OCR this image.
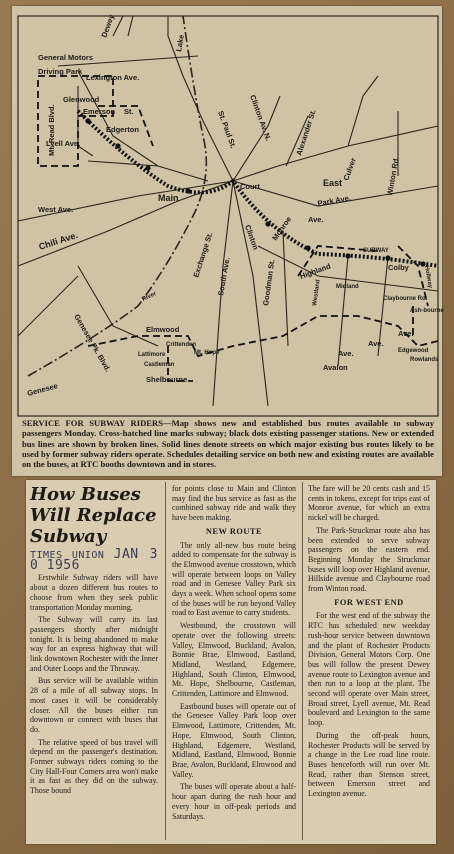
General Motors
Driving Park
Lexington Ave.
Dewey
Glenwood
Emerson St.
Mt. Read Blvd.	Edgerton
Lyell Ave.
Lake
St. Paul St. Clinton Av. N.	Alexander St.
West Ave.
Main
Court	East
Culver	Winton Rd.
Park Ave.
Ave.
Chili Ave.	Exchange St. South Ave.
Clinton Monroe
SUBWAY
Colby Hollway
Genesee Pk. Blvd.
River
Highland
Goodman St.	Westland Midland
Claybourne Rd.
Ash-bourne
Elmwood
Crittenden
Lattimore
Castleman
Mt. Hope
Shelbourne
Genesee
Avalon
Ave.
Rowlands
Ave.	Edgewood
Ave.
SERVICE FOR SUBWAY RIDERS—Map shows new and established bus routes available to subway passengers Monday. Cross-hatched line marks subway; black dots existing passenger stations. New or extended bus lines are shown by broken lines. Solid lines denote streets on which major existing bus routes likely to be used by former subway riders operate. Schedules detailing service on both new and existing routes are available on the buses, at RTC booths downtown and in stores.
How Buses
Will Replace
Subway
TIMES UNION JAN 3 0 1956

Erstwhile Subway riders will have about a dozen different bus routes to choose from when they seek public transportation Monday morning.

The Subway will carry its last passengers shortly after midnight tonight. It is being abandoned to make way for an express highway that will link downtown Rochester with the Inner and Outer Loops and the Thruway.

Bus service will be available within 28 of a mile of all subway stops. In most cases it will be considerably closer. All the buses either run downtown or connect with buses that do.

The relative speed of bus travel will depend on the passenger's destination. Former subways riders coming to the City Hall-Four Corners area won't make it as fast as they did on the subway. Those bound

for points close to Main and Clinton may find the bus service as fast as the combined subway ride and walk they have been making.

NEW ROUTE

The only all-new bus route being added to compensate for the subway is the Elmwood avenue crosstown, which will operate between loops on Valley road and in Genesee Valley Park six days a week. When school opens some of the buses will be run beyond Valley road to East avenue to carry students.

Westbound, the crosstown will operate over the following streets: Valley, Elmwood, Buckland, Avalon, Bonnie Brae, Elmwood, Eastland, Midland, Westland, Edgemere, Highland, South Clinton, Elmwood, Mt. Hope, Shelbourne, Castleman, Crittenden, Lattimore and Elmwood.

Eastbound buses will operate out of the Genesee Valley Park loop over Elmwood, Lattimore, Crittenden, Mt. Hope, Elmwood, South Clinton, Highland, Edgemere, Westland, Midland, Eastland, Elmwood, Bonnie Brae, Avalon, Buckland, Elmwood and Valley.

The buses will operate about a half-hour apart during the rush hour and every hour in off-peak periods and Saturdays.

The fare will be 20 cents cash and 15 cents in tokens, except for trips east of Monroe avenue, for which an extra nickel will be charged.

The Park-Struckmar route also has been extended to serve subway passengers on the eastern end. Beginning Monday the Struckmar buses will loop over Highland avenue, Hillside avenue and Claybourne road from Winton road.

FOR WEST END

For the west end of the subway the RTC has scheduled new weekday rush-hour service between downtown and the plant of Rochester Products Division, General Motors Corp. One bus will follow the present Dewey avenue route to Lexington avenue and then run to a loop at the plant. The second will operate over Main street, Broad street, Lyell avenue, Mt. Read boulevard and Lexington to the same loop.

During the off-peak hours, Rochester Products will be served by a change in the Lee road line route. Buses henceforth will run over Mt. Read, rather than Stenson street, between Emerson street and Lexington avenue.
